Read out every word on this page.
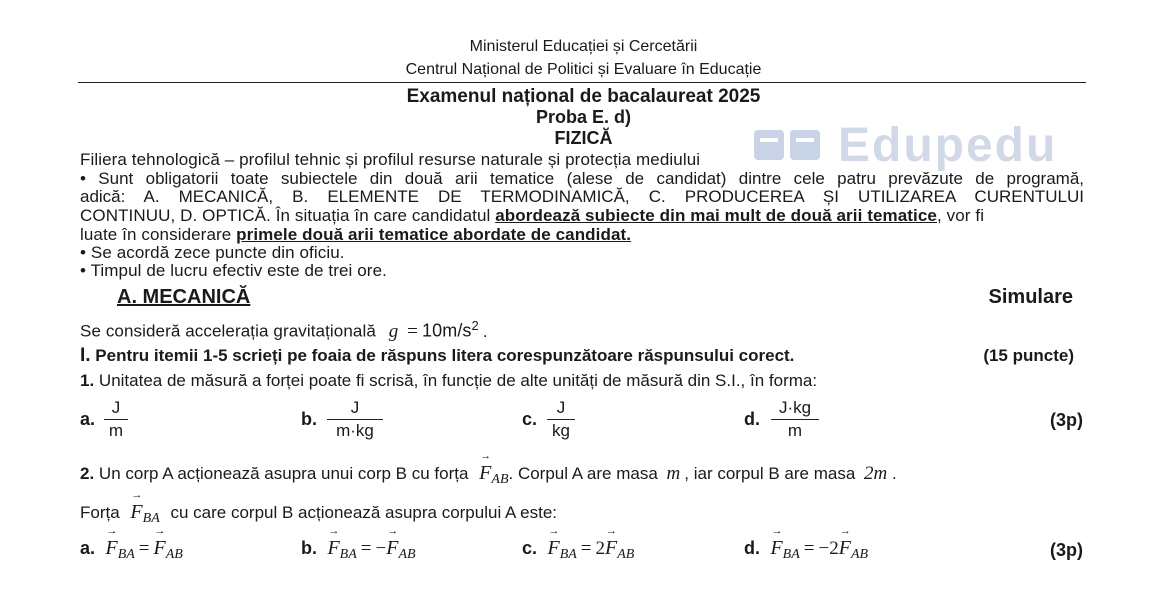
Ministerul Educației și Cercetării
Centrul Național de Politici și Evaluare în Educație
Edupedu
Examenul național de bacalaureat 2025
Proba E. d)
FIZICĂ
Filiera tehnologică – profilul tehnic și profilul resurse naturale și protecția mediului
• Sunt obligatorii toate subiectele din două arii tematice (alese de candidat) dintre cele patru prevăzute de programă,
adică: A. MECANICĂ, B. ELEMENTE DE TERMODINAMICĂ, C. PRODUCEREA ȘI UTILIZAREA CURENTULUI
CONTINUU, D. OPTICĂ. În situația în care candidatul abordează subiecte din mai mult de două arii tematice, vor fi
luate în considerare primele două arii tematice abordate de candidat.
• Se acordă zece puncte din oficiu.
• Timpul de lucru efectiv este de trei ore.
A. MECANICĂ	Simulare
Se consideră accelerația gravitațională $g = 10m/s^2$ .
I. Pentru itemii 1-5 scrieți pe foaia de răspuns litera corespunzătoare răspunsului corect.	(15 puncte)
1. Unitatea de măsură a forței poate fi scrisă, în funcție de alte unități de măsură din S.I., în forma:
a.
J
m
b.
J
m·kg
c.
J
kg
d.
J·kg
m
(3p)
2. Un corp A acționează asupra unui corp B cu forța → $F_{AB}$. Corpul A are masa m , iar corpul B are masa 2m .
Forța → $F_{BA}$ cu care corpul B acționează asupra corpului A este:
a. → $F_{BA} =\to F_{AB}$	b. → $F_{BA}$ = −→ $F_{AB}$	c. → $F_{BA} = 2\to F_{AB}$	d. → $F_{BA} = -2\to F_{AB}$	(3p)
